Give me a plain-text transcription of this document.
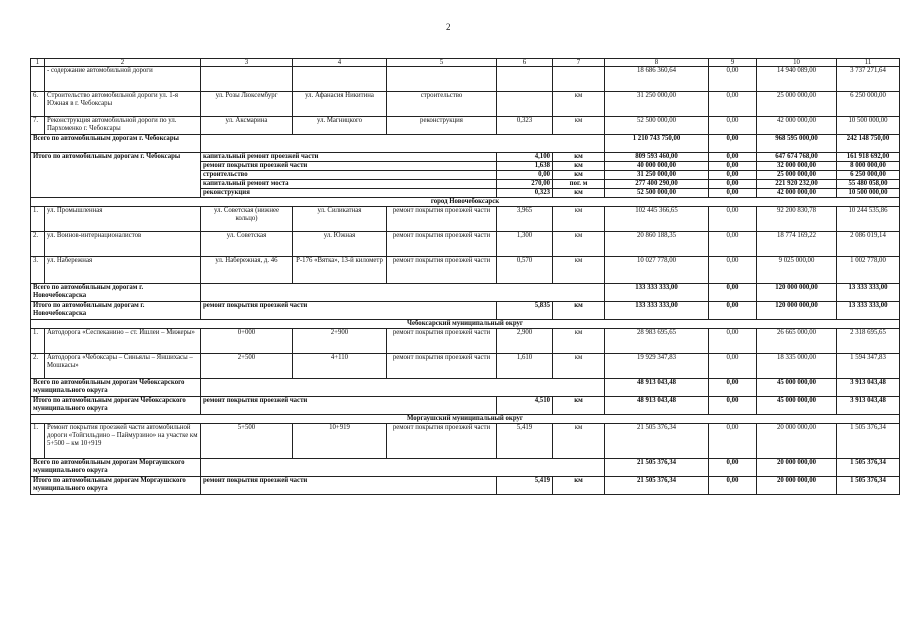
2
1	2	3	4	5	6	7	8	9	10	11
	- содержание автомобильной дороги						18 686 360,64	0,00	14 940 089,00	3 737 271,64
6.	Строительство автомобильной дороги ул. 1-я Южная в г. Чебоксары	ул. Розы Люксембург	ул. Афанасия Никитина	строительство		км	31 250 000,00	0,00	25 000 000,00	6 250 000,00
7.	Реконструкция автомобильной дороги по ул. Пархоменко г. Чебоксары	ул. Аксмарина	ул. Магницкого	реконструкция	0,323	км	52 500 000,00	0,00	42 000 000,00	10 500 000,00
Всего по автомобильным дорогам г. Чебоксары							1 210 743 750,00	0,00	968 595 000,00	242 148 750,00
Итого по автомобильным дорогам г. Чебоксары		капитальный ремонт проезжей части			4,100	км	809 593 460,00	0,00	647 674 768,00	161 918 692,00
		ремонт покрытия проезжей части			1,638	км	40 000 000,00	0,00	32 000 000,00	8 000 000,00
		строительство			0,00	км	31 250 000,00	0,00	25 000 000,00	6 250 000,00
		капитальный ремонт моста			270,00	пог. м	277 400 290,00	0,00	221 920 232,00	55 480 058,00
		реконструкция			0,323	км	52 500 000,00	0,00	42 000 000,00	10 500 000,00
город Новочебоксарск										
1.	ул. Промышленная	ул. Советская (нижнее кольцо)	ул. Силикатная	ремонт покрытия проезжей части	3,965	км	102 445 366,65	0,00	92 200 830,78	10 244 535,86
2.	ул. Воинов-интернационалистов	ул. Советская	ул. Южная	ремонт покрытия проезжей части	1,300	км	20 860 188,35	0,00	18 774 169,22	2 086 019,14
3.	ул. Набережная	ул. Набережная, д. 46	Р-176 «Вятка», 13-й километр	ремонт покрытия проезжей части	0,570	км	10 027 778,00	0,00	9 025 000,00	1 002 778,00
Всего по автомобильным дорогам г. Новочебоксарска							133 333 333,00	0,00	120 000 000,00	13 333 333,00
Итого по автомобильным дорогам г. Новочебоксарска		ремонт покрытия проезжей части			5,835	км	133 333 333,00	0,00	120 000 000,00	13 333 333,00
Чебоксарский муниципальный округ										
1.	Автодорога «Сеспеканино – ст. Ишлеи – Мижеры»	0+000	2+900	ремонт покрытия проезжей части	2,900	км	28 983 695,65	0,00	26 665 000,00	2 318 695,65
2.	Автодорога «Чебоксары – Синьялы – Яншихасы – Мошкасы»	2+500	4+110	ремонт покрытия проезжей части	1,610	км	19 929 347,83	0,00	18 335 000,00	1 594 347,83
Всего по автомобильным дорогам Чебоксарского муниципального округа							48 913 043,48	0,00	45 000 000,00	3 913 043,48
Итого по автомобильным дорогам Чебоксарского муниципального округа		ремонт покрытия проезжей части			4,510	км	48 913 043,48	0,00	45 000 000,00	3 913 043,48
Моргаушский муниципальный округ										
1.	Ремонт покрытия проезжей части автомобильной дороги «Тойгильдино – Паймурзино» на участке км 5+500 – км 10+919	5+500	10+919	ремонт покрытия проезжей части	5,419	км	21 505 376,34	0,00	20 000 000,00	1 505 376,34
Всего по автомобильным дорогам Моргаушского муниципального округа							21 505 376,34	0,00	20 000 000,00	1 505 376,34
Итого по автомобильным дорогам Моргаушского муниципального округа		ремонт покрытия проезжей части			5,419	км	21 505 376,34	0,00	20 000 000,00	1 505 376,34
